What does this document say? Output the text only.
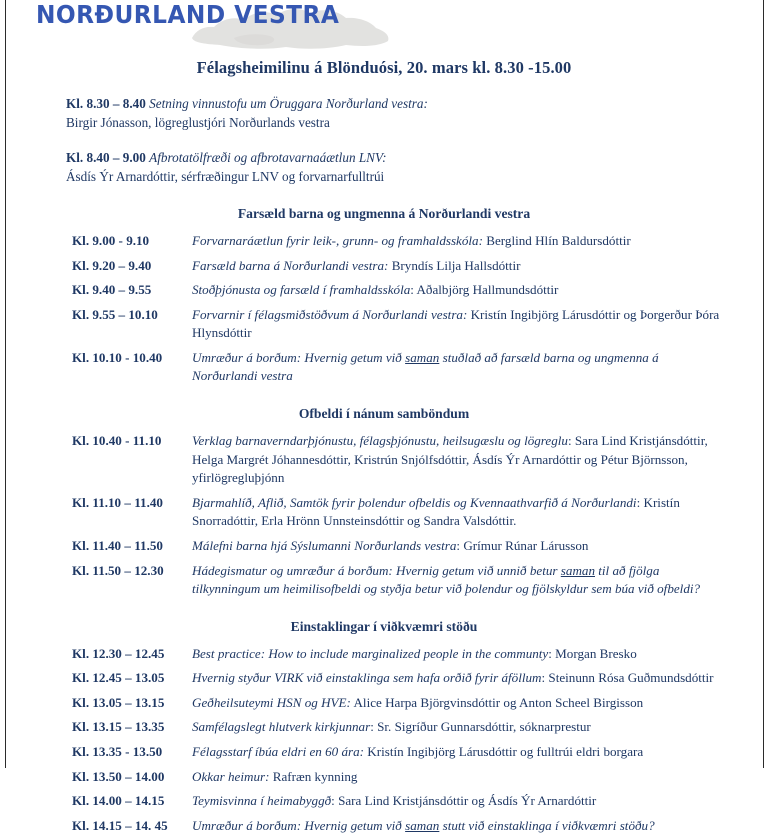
NORÐURLAND VESTRA
Félagsheimilinu á Blönduósi, 20. mars kl. 8.30 -15.00
Kl. 8.30 – 8.40 Setning vinnustofu um Öruggara Norðurland vestra:
Birgir Jónasson, lögreglustjóri Norðurlands vestra
Kl. 8.40 – 9.00 Afbrotatölfræði og afbrotavarnaáætlun LNV:
Ásdís Ýr Arnardóttir, sérfræðingur LNV og forvarnarfulltrúi
Farsæld barna og ungmenna á Norðurlandi vestra
Kl. 9.00 - 9.10	Forvarnaráætlun fyrir leik-, grunn- og framhaldsskóla: Berglind Hlín Baldursdóttir
Kl. 9.20 – 9.40	Farsæld barna á Norðurlandi vestra: Bryndís Lilja Hallsdóttir
Kl. 9.40 – 9.55	Stoðþjónusta og farsæld í framhaldsskóla: Aðalbjörg Hallmundsdóttir
Kl. 9.55 – 10.10	Forvarnir í félagsmiðstöðvum á Norðurlandi vestra: Kristín Ingibjörg Lárusdóttir og Þorgerður Þóra Hlynsdóttir
Kl. 10.10 - 10.40	Umræður á borðum: Hvernig getum við saman stuðlað að farsæld barna og ungmenna á Norðurlandi vestra
Ofbeldi í nánum samböndum
Kl. 10.40 - 11.10	Verklag barnaverndarþjónustu, félagsþjónustu, heilsugæslu og lögreglu: Sara Lind Kristjánsdóttir, Helga Margrét Jóhannesdóttir, Kristrún Snjólfsdóttir, Ásdís Ýr Arnardóttir og Pétur Björnsson, yfirlögregluþjónn
Kl. 11.10 – 11.40	Bjarmahlíð, Aflið, Samtök fyrir þolendur ofbeldis og Kvennaathvarfið á Norðurlandi: Kristín Snorradóttir, Erla Hrönn Unnsteinsdóttir og Sandra Valsdóttir.
Kl. 11.40 – 11.50	Málefni barna hjá Sýslumanni Norðurlands vestra: Grímur Rúnar Lárusson
Kl. 11.50 – 12.30	Hádegismatur og umræður á borðum: Hvernig getum við unnið betur saman til að fjölga tilkynningum um heimilisofbeldi og styðja betur við þolendur og fjölskyldur sem búa við ofbeldi?
Einstaklingar í viðkvæmri stöðu
Kl. 12.30 – 12.45	Best practice: How to include marginalized people in the communty: Morgan Bresko
Kl. 12.45 – 13.05	Hvernig styður VIRK við einstaklinga sem hafa orðið fyrir áföllum: Steinunn Rósa Guðmundsdóttir
Kl. 13.05 – 13.15	Geðheilsuteymi HSN og HVE: Alice Harpa Björgvinsdóttir og Anton Scheel Birgisson
Kl. 13.15 – 13.35	Samfélagslegt hlutverk kirkjunnar: Sr. Sigríður Gunnarsdóttir, sóknarprestur
Kl. 13.35 - 13.50	Félagsstarf íbúa eldri en 60 ára: Kristín Ingibjörg Lárusdóttir og fulltrúi eldri borgara
Kl. 13.50 – 14.00	Okkar heimur: Rafræn kynning
Kl. 14.00 – 14.15	Teymisvinna í heimabyggð: Sara Lind Kristjánsdóttir og Ásdís Ýr Arnardóttir
Kl. 14.15 – 14. 45	Umræður á borðum: Hvernig getum við saman stutt við einstaklinga í viðkvæmri stöðu?
